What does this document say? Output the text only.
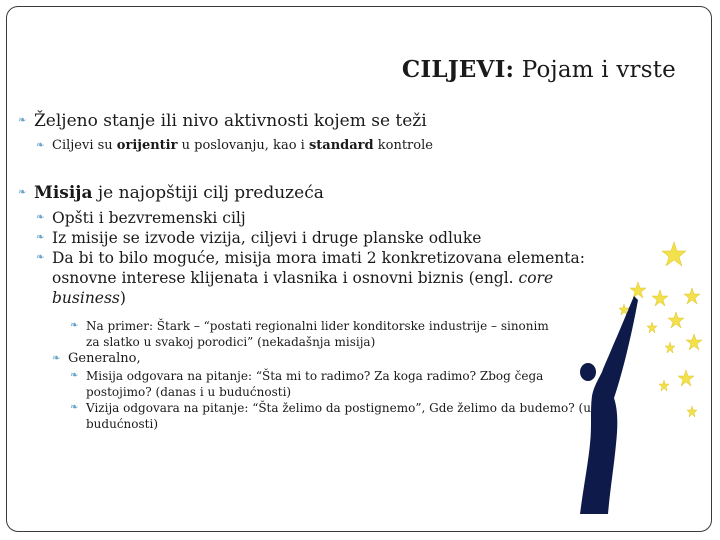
CILJEVI: Pojam i vrste
❧ Željeno stanje ili nivo aktivnosti kojem se teži
❧ Ciljevi su orijentir u poslovanju, kao i standard kontrole
❧ Misija je najopštiji cilj preduzeća
❧ Opšti i bezvremenski cilj
❧ Iz misije se izvode vizija, ciljevi i druge planske odluke
❧ Da bi to bilo moguće, misija mora imati 2 konkretizovana elementa: osnovne interese klijenata i vlasnika i osnovni biznis (engl. core business)
❧ Na primer: Štark – “postati regionalni lider konditorske industrije – sinonim za slatko u svakoj porodici” (nekadašnja misija)
❧ Generalno,
❧ Misija odgovara na pitanje: “Šta mi to radimo? Za koga radimo? Zbog čega postojimo? (danas i u budućnosti)
❧ Vizija odgovara na pitanje: “Šta želimo da postignemo”, Gde želimo da budemo? (u budućnosti)
